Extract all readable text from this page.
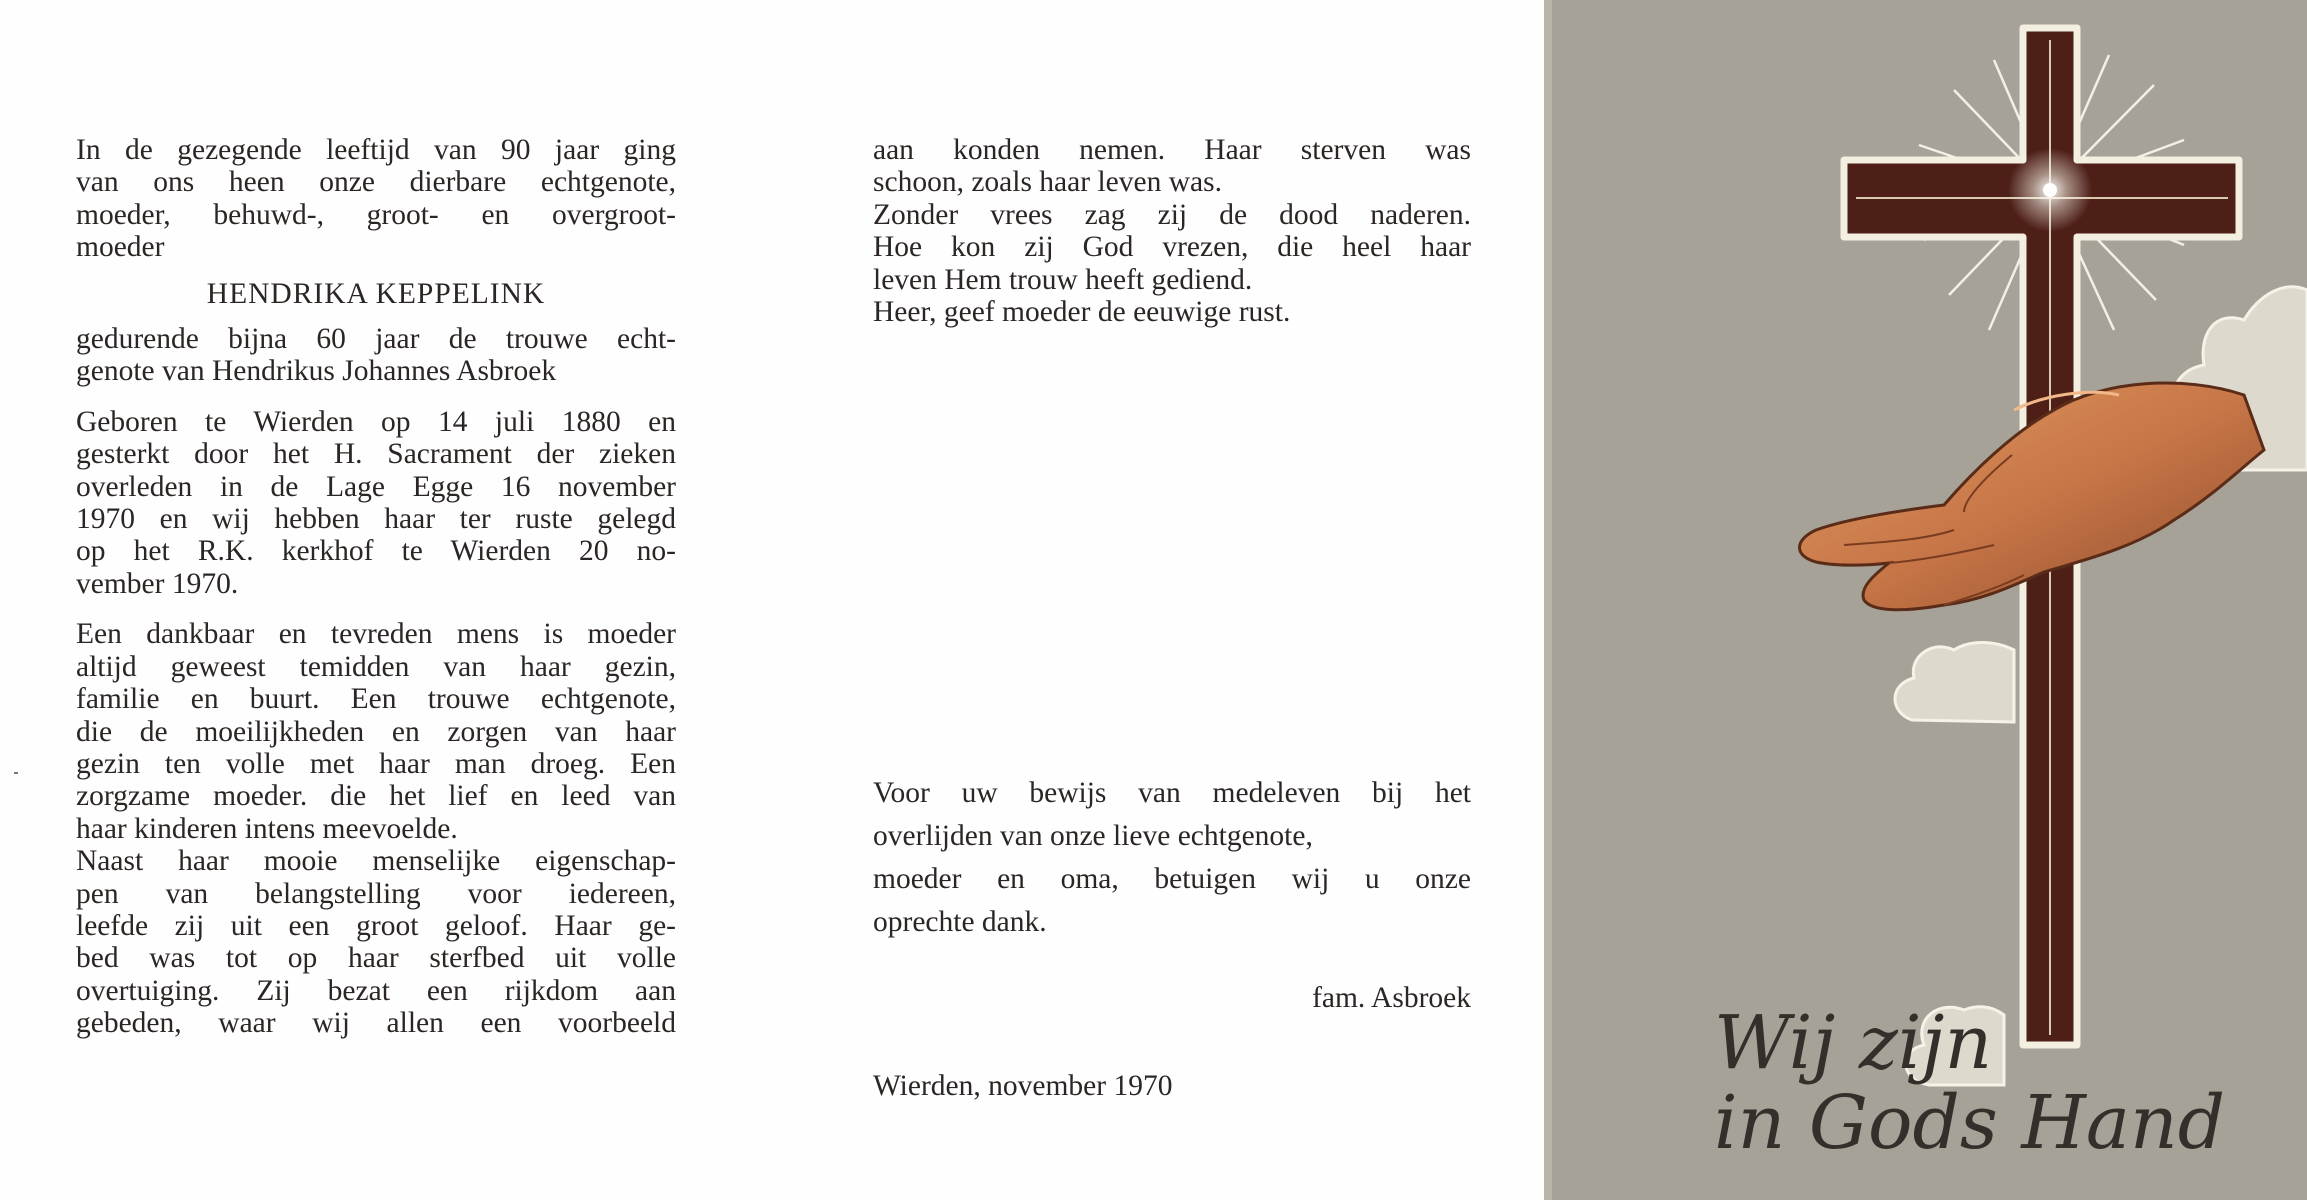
In de gezegende leeftijd van 90 jaar ging

van ons heen onze dierbare echtgenote,

moeder, behuwd-, groot- en overgroot-

moeder

HENDRIKA KEPPELINK

gedurende bijna 60 jaar de trouwe echt-

genote van Hendrikus Johannes Asbroek

Geboren te Wierden op 14 juli 1880 en

gesterkt door het H. Sacrament der zieken

overleden in de Lage Egge 16 november

1970 en wij hebben haar ter ruste gelegd

op het R.K. kerkhof te Wierden 20 no-

vember 1970.

Een dankbaar en tevreden mens is moeder

altijd geweest temidden van haar gezin,

familie en buurt. Een trouwe echtgenote,

die de moeilijkheden en zorgen van haar

gezin ten volle met haar man droeg. Een

zorgzame moeder. die het lief en leed van

haar kinderen intens meevoelde.

Naast haar mooie menselijke eigenschap-

pen van belangstelling voor iedereen,

leefde zij uit een groot geloof. Haar ge-

bed was tot op haar sterfbed uit volle

overtuiging. Zij bezat een rijkdom aan

gebeden, waar wij allen een voorbeeld

aan konden nemen. Haar sterven was

schoon, zoals haar leven was.

Zonder vrees zag zij de dood naderen.

Hoe kon zij God vrezen, die heel haar

leven Hem trouw heeft gediend.

Heer, geef moeder de eeuwige rust.

Voor uw bewijs van medeleven bij het

overlijden van onze lieve echtgenote,

moeder en oma, betuigen wij u onze

oprechte dank.

fam. Asbroek
Wierden, november 1970	Wij zijn
in Gods Hand
